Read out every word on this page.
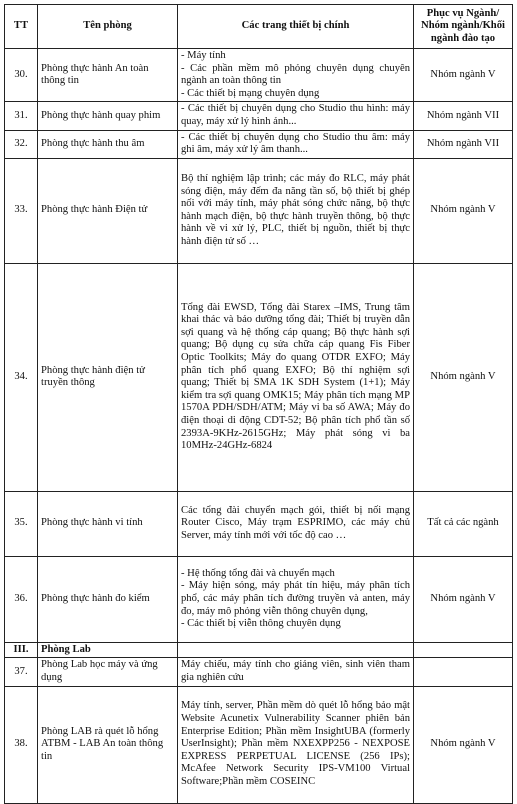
TT	Tên phòng	Các trang thiết bị chính	Phục vụ Ngành/ Nhóm ngành/Khối ngành đào tạo
30.	Phòng thực hành An toàn thông tin	- Máy tính
- Các phần mềm mô phỏng chuyên dụng chuyên ngành an toàn thông tin
- Các thiết bị mạng chuyên dụng	Nhóm ngành V
31.	Phòng thực hành quay phim	- Các thiết bị chuyên dụng cho Studio thu hình: máy quay, máy xử lý hình ảnh...	Nhóm ngành VII
32.	Phòng thực hành thu âm	- Các thiết bị chuyên dụng cho Studio thu âm: máy ghi âm, máy xử lý âm thanh...	Nhóm ngành VII
33.	Phòng thực hành Điện tử	Bộ thí nghiệm lập trình; các máy đo RLC, máy phát sóng điện, máy đếm đa năng tần số, bộ thiết bị ghép nối với máy tính, máy phát sóng chức năng, bộ thực hành mạch điện, bộ thực hành truyền thông, bộ thực hành về vi xử lý, PLC, thiết bị nguồn, thiết bị thực hành điện tử số …	Nhóm ngành V
34.	Phòng thực hành điện tử truyền thông	Tổng đài EWSD, Tổng đài Starex –IMS, Trung tâm khai thác và bảo dưỡng tổng đài; Thiết bị truyền dẫn sợi quang và hệ thống cáp quang; Bộ thực hành sợi quang; Bộ dụng cụ sửa chữa cáp quang Fis Fiber Optic Toolkits; Máy đo quang OTDR EXFO; Máy phân tích phổ quang EXFO; Bộ thí nghiệm sợi quang; Thiết bị SMA 1K SDH System (1+1); Máy kiểm tra sợi quang OMK15; Máy phân tích mạng MP 1570A PDH/SDH/ATM; Máy vi ba số AWA; Máy đo điện thoại di động CDT-52; Bộ phân tích phổ tần số 2393A-9KHz-2615GHz; Máy phát sóng vi ba 10MHz-24GHz-6824	Nhóm ngành V
35.	Phòng thực hành vi tính	Các tổng đài chuyển mạch gói, thiết bị nối mạng Router Cisco, Máy trạm ESPRIMO, các máy chủ Server, máy tính mới với tốc độ cao …	Tất cả các ngành
36.	Phòng thực hành đo kiểm	- Hệ thống tổng đài và chuyển mạch
- Máy hiện sóng, máy phát tín hiệu, máy phân tích phổ, các máy phân tích đường truyền và anten, máy đo, máy mô phỏng viễn thông chuyên dụng,
- Các thiết bị viễn thông chuyên dụng	Nhóm ngành V
III.	Phòng Lab		
37.	Phòng Lab học máy và ứng dụng	Máy chiếu, máy tính cho giảng viên, sinh viên tham gia nghiên cứu	

38.	Phòng LAB rà quét lỗ hổng ATBM - LAB An toàn thông tin	Máy tính, server, Phần mềm dò quét lỗ hổng bảo mật Website Acunetix Vulnerability Scanner phiên bản Enterprise Edition; Phần mềm InsightUBA (formerly UserInsight); Phần mềm NXEXPP256 - NEXPOSE EXPRESS PERPETUAL LICENSE (256 IPs); McAfee Network Security IPS-VM100 Virtual Software;Phần mềm COSEINC	Nhóm ngành V
